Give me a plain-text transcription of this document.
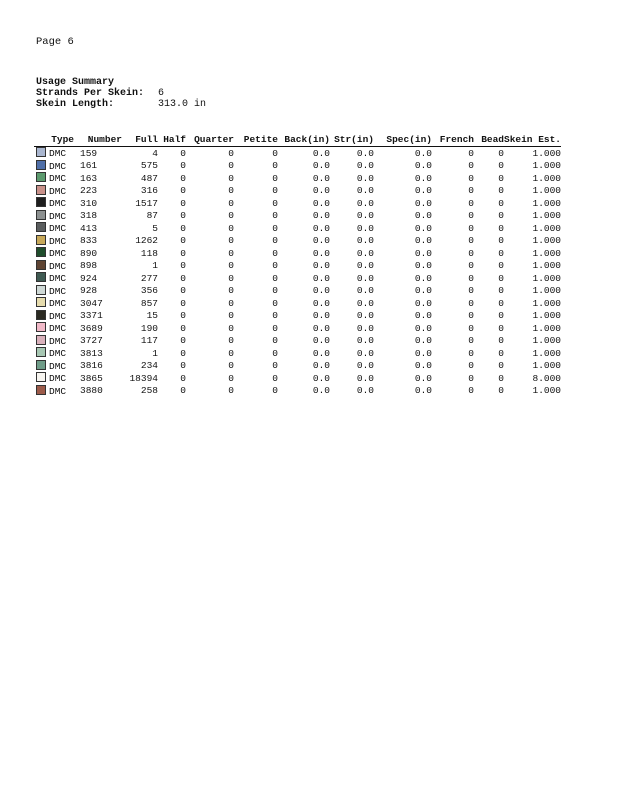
Page 6
Usage Summary
Strands Per Skein: 6
Skein Length:	313.0 in
Type	Number	Full	Half	Quarter	Petite	Back(in)	Str(in)	Spec(in)	French	Bead	Skein Est.
DMC	159	4	0	0	0	0.0	0.0	0.0	0	0	1.000
DMC	161	575	0	0	0	0.0	0.0	0.0	0	0	1.000
DMC	163	487	0	0	0	0.0	0.0	0.0	0	0	1.000
DMC	223	316	0	0	0	0.0	0.0	0.0	0	0	1.000
DMC	310	1517	0	0	0	0.0	0.0	0.0	0	0	1.000
DMC	318	87	0	0	0	0.0	0.0	0.0	0	0	1.000
DMC	413	5	0	0	0	0.0	0.0	0.0	0	0	1.000
DMC	833	1262	0	0	0	0.0	0.0	0.0	0	0	1.000
DMC	890	118	0	0	0	0.0	0.0	0.0	0	0	1.000
DMC	898	1	0	0	0	0.0	0.0	0.0	0	0	1.000
DMC	924	277	0	0	0	0.0	0.0	0.0	0	0	1.000
DMC	928	356	0	0	0	0.0	0.0	0.0	0	0	1.000
DMC	3047	857	0	0	0	0.0	0.0	0.0	0	0	1.000
DMC	3371	15	0	0	0	0.0	0.0	0.0	0	0	1.000
DMC	3689	190	0	0	0	0.0	0.0	0.0	0	0	1.000
DMC	3727	117	0	0	0	0.0	0.0	0.0	0	0	1.000
DMC	3813	1	0	0	0	0.0	0.0	0.0	0	0	1.000
DMC	3816	234	0	0	0	0.0	0.0	0.0	0	0	1.000
DMC	3865	18394	0	0	0	0.0	0.0	0.0	0	0	8.000
DMC	3880	258	0	0	0	0.0	0.0	0.0	0	0	1.000
